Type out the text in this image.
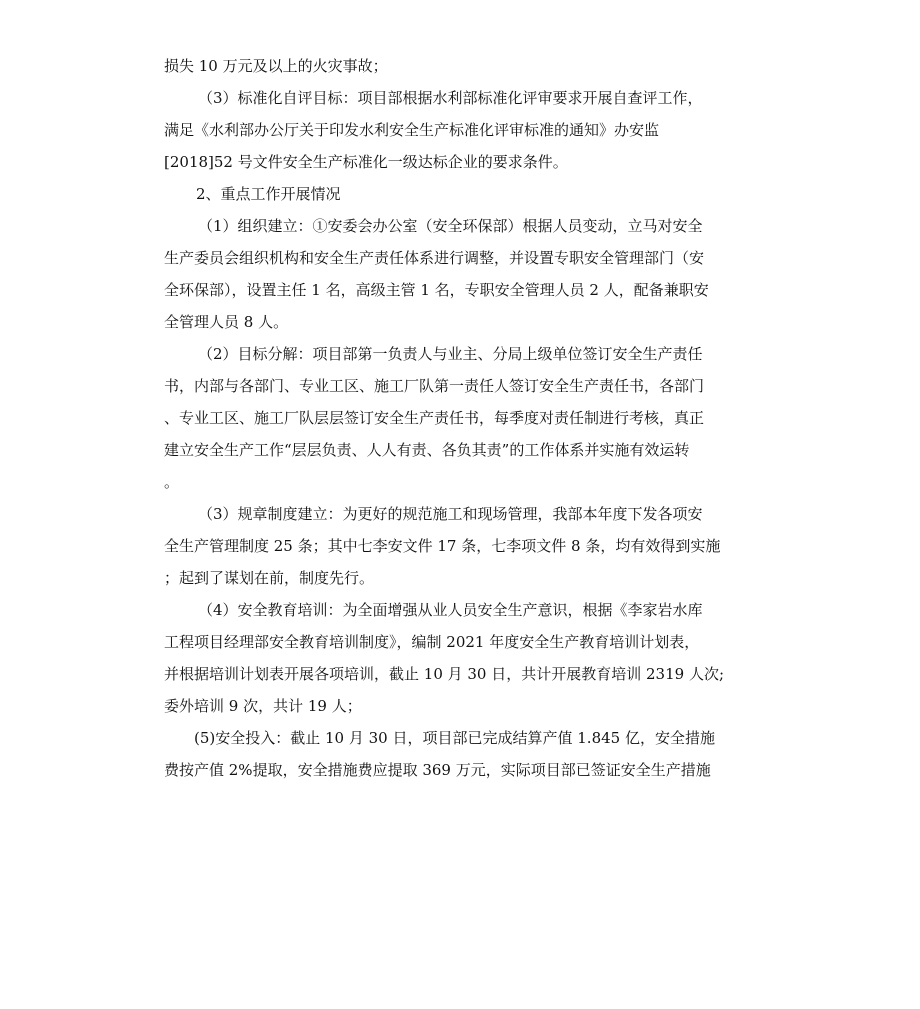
损失 10 万元及以上的火灾事故；
（3）标准化自评目标：项目部根据水利部标准化评审要求开展自查评工作，
满足《水利部办公厅关于印发水利安全生产标准化评审标准的通知》办安监
[2018]52 号文件安全生产标准化一级达标企业的要求条件。
2、重点工作开展情况
（1）组织建立：①安委会办公室（安全环保部）根据人员变动，立马对安全
生产委员会组织机构和安全生产责任体系进行调整，并设置专职安全管理部门（安
全环保部），设置主任 1 名，高级主管 1 名，专职安全管理人员 2 人，配备兼职安
全管理人员 8 人。
（2）目标分解：项目部第一负责人与业主、分局上级单位签订安全生产责任
书，内部与各部门、专业工区、施工厂队第一责任人签订安全生产责任书，各部门
、专业工区、施工厂队层层签订安全生产责任书，每季度对责任制进行考核，真正
建立安全生产工作“层层负责、人人有责、各负其责”的工作体系并实施有效运转
。
（3）规章制度建立：为更好的规范施工和现场管理，我部本年度下发各项安
全生产管理制度 25 条；其中七李安文件 17 条，七李项文件 8 条，均有效得到实施
；起到了谋划在前，制度先行。
（4）安全教育培训：为全面增强从业人员安全生产意识，根据《李家岩水库
工程项目经理部安全教育培训制度》，编制 2021 年度安全生产教育培训计划表，
并根据培训计划表开展各项培训，截止 10 月 30 日，共计开展教育培训 2319 人次;
委外培训 9 次，共计 19 人；
(5)安全投入：截止 10 月 30 日，项目部已完成结算产值 1.845 亿，安全措施
费按产值 2%提取，安全措施费应提取 369 万元，实际项目部已签证安全生产措施
